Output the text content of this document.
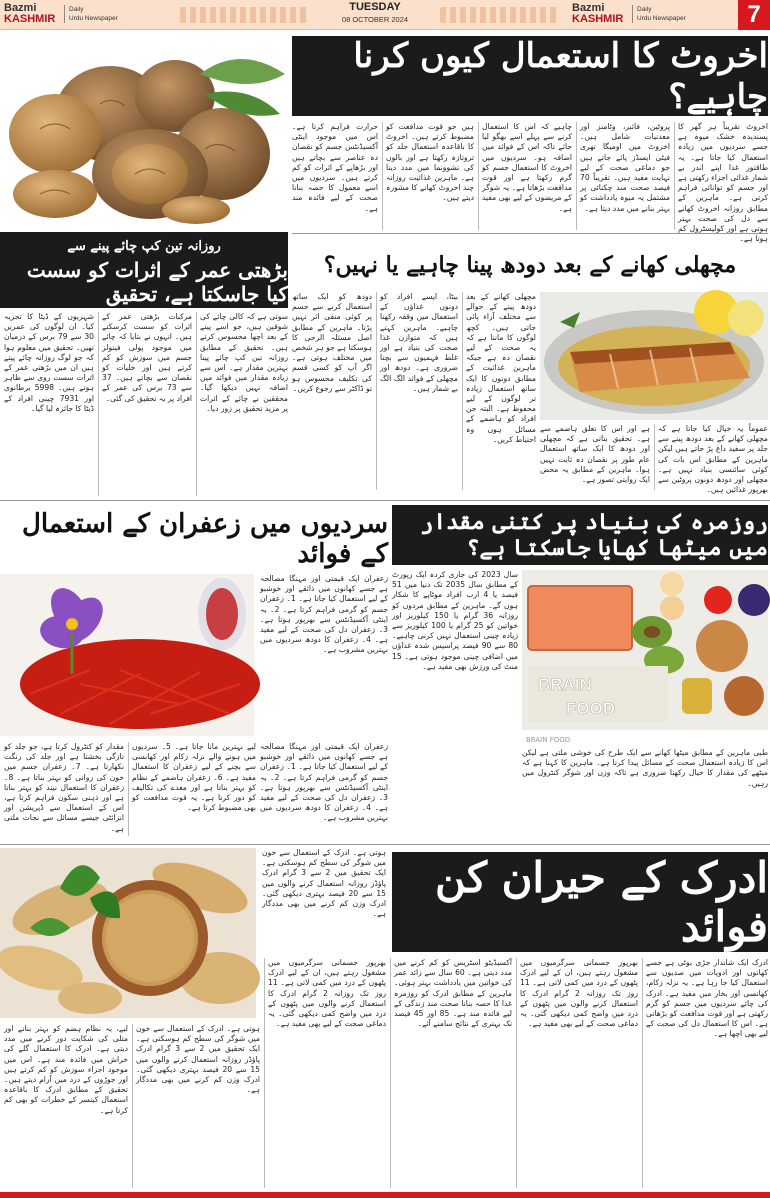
Bazmi
KASHMIR
Daily
Urdu Newspaper
TUESDAY
08 OCTOBER 2024
Bazmi
KASHMIR
Daily
Urdu Newspaper	7
اخروٹ کا استعمال کیوں کرنا چاہیے؟
حرارت فراہم کرتا ہے۔ اس میں موجود اینٹی آکسیڈنٹس جسم کو نقصان دہ عناصر سے بچاتے ہیں اور بڑھاپے کے اثرات کو کم کرتے ہیں۔ سردیوں میں اسے معمول کا حصہ بنانا صحت کے لیے فائدہ مند ہے۔
ہیں جو قوت مدافعت کو مضبوط کرتے ہیں۔ اخروٹ کا باقاعدہ استعمال جلد کو تروتازہ رکھتا ہے اور بالوں کی نشوونما میں مدد دیتا ہے۔ ماہرین غذائیت روزانہ چند اخروٹ کھانے کا مشورہ دیتے ہیں۔
چاہیے کہ اس کا استعمال کرنے سے پہلے اسے بھگو لیا جائے تاکہ اس کے فوائد میں اضافہ ہو۔ سردیوں میں اخروٹ کا استعمال جسم کو گرم رکھتا ہے اور قوت مدافعت بڑھاتا ہے۔ یہ شوگر کے مریضوں کے لیے بھی مفید ہے۔
پروٹین، فائبر، وٹامنز اور معدنیات شامل ہیں۔ اخروٹ میں اومیگا تھری فیٹی ایسڈز پائے جاتے ہیں جو دماغی صحت کے لیے نہایت مفید ہیں۔ تقریباً 70 فیصد صحت مند چکنائی پر مشتمل یہ میوہ یادداشت کو بہتر بنانے میں مدد دیتا ہے۔
اخروٹ تقریباً ہر گھر کا پسندیدہ خشک میوہ ہے جسے سردیوں میں زیادہ استعمال کیا جاتا ہے۔ یہ طاقتور غذا اپنے اندر بے شمار غذائی اجزاء رکھتی ہے اور جسم کو توانائی فراہم کرتی ہے۔ ماہرین کے مطابق روزانہ اخروٹ کھانے سے دل کی صحت بہتر ہوتی ہے اور کولیسٹرول کم ہوتا ہے۔
روزانہ تین کپ چائے پینے سے
بڑھتی عمر کے اثرات کو سست کیا جاسکتا ہے، تحقیق
شہریوں کے ڈیٹا کا تجزیہ کیا۔ ان لوگوں کی عمریں 30 سے 79 برس کے درمیان تھیں۔ تحقیق میں معلوم ہوا کہ جو لوگ روزانہ چائے پیتے ہیں ان میں بڑھتی عمر کے اثرات سست روی سے ظاہر ہوتے ہیں۔ 5998 برطانوی اور 7931 چینی افراد کے ڈیٹا کا جائزہ لیا گیا۔
مرکبات بڑھتی عمر کے اثرات کو سست کرسکتے ہیں۔ انہوں نے بتایا کہ چائے میں موجود پولی فینولز جسم میں سوزش کو کم کرتے ہیں اور خلیات کو نقصان سے بچاتے ہیں۔ 37 سے 73 برس کی عمر کے افراد پر یہ تحقیق کی گئی۔
سوتی ہے کہ کالی چائے کی شوقین ہیں، جو اسے پینے کے بعد اچھا محسوس کرتے ہیں۔ تحقیق کے مطابق روزانہ تین کپ چائے پینا بہترین مقدار ہے۔ اس سے زیادہ مقدار میں فوائد میں اضافہ نہیں دیکھا گیا۔ محققین نے چائے کے اثرات پر مزید تحقیق پر زور دیا۔
مچھلی کھانے کے بعد دودھ پینا چاہیے یا نہیں؟
دودھ کو ایک ساتھ استعمال کرنے سے جسم پر کوئی منفی اثر نہیں پڑتا۔ ماہرین کے مطابق اصل مسئلہ الرجی کا ہوسکتا ہے جو ہر شخص میں مختلف ہوتی ہے۔ اگر آپ کو کسی قسم کی تکلیف محسوس ہو تو ڈاکٹر سے رجوع کریں۔
بیٹا، ایسے افراد کو دونوں غذاؤں کے استعمال میں وقفہ رکھنا چاہیے۔ ماہرین کہتے ہیں کہ متوازن غذا صحت کی بنیاد ہے اور غلط فہمیوں سے بچنا ضروری ہے۔ دودھ اور مچھلی کے فوائد الگ الگ بے شمار ہیں۔
مچھلی کھانے کے بعد دودھ پینے کے حوالے سے مختلف آراء پائی جاتی ہیں۔ کچھ لوگوں کا ماننا ہے کہ یہ صحت کے لیے نقصان دہ ہے جبکہ ماہرین غذائیت کے مطابق دونوں کا ایک ساتھ استعمال زیادہ تر لوگوں کے لیے محفوظ ہے۔ البتہ جن افراد کو ہاضمے کے مسائل ہوں وہ احتیاط کریں۔
ہے اور اس کا تعلق ہاضمے سے ہے۔ تحقیق بتاتی ہے کہ مچھلی اور دودھ کا ایک ساتھ استعمال عام طور پر نقصان دہ ثابت نہیں ہوا۔ ماہرین کے مطابق یہ محض ایک روایتی تصور ہے۔
عموماً یہ خیال کیا جاتا ہے کہ مچھلی کھانے کے بعد دودھ پینے سے جلد پر سفید داغ پڑ جاتے ہیں لیکن ماہرین کے مطابق اس بات کی کوئی سائنسی بنیاد نہیں ہے۔ مچھلی اور دودھ دونوں پروٹین سے بھرپور غذائیں ہیں۔
روزمرہ کی بنیاد پر کتنی مقدار میں میٹھا کھایا جاسکتا ہے؟
BRAIN
FOOD
BRAIN FOOD
سال 2023 کی جاری کردہ ایک رپورٹ کے مطابق سال 2035 تک دنیا میں 51 فیصد یا 4 ارب افراد موٹاپے کا شکار ہوں گے۔ ماہرین کے مطابق مردوں کو روزانہ 36 گرام یا 150 کیلوریز اور خواتین کو 25 گرام یا 100 کیلوریز سے زیادہ چینی استعمال نہیں کرنی چاہیے۔ 80 سے 90 فیصد پراسیس شدہ غذاؤں میں اضافی چینی موجود ہوتی ہے۔ 15 منٹ کی ورزش بھی مفید ہے۔
طبی ماہرین کے مطابق میٹھا کھانے سے ایک طرح کی خوشی ملتی ہے لیکن اس کا زیادہ استعمال صحت کے مسائل پیدا کرتا ہے۔ ماہرین کا کہنا ہے کہ میٹھے کی مقدار کا خیال رکھنا ضروری ہے تاکہ وزن اور شوگر کنٹرول میں رہیں۔
سردیوں میں زعفران کے استعمال کے فوائد
زعفران ایک قیمتی اور مہنگا مصالحہ ہے جسے کھانوں میں ذائقے اور خوشبو کے لیے استعمال کیا جاتا ہے۔ 1۔ زعفران جسم کو گرمی فراہم کرتا ہے۔ 2۔ یہ اینٹی آکسیڈنٹس سے بھرپور ہوتا ہے۔ 3۔ زعفران دل کی صحت کے لیے مفید ہے۔ 4۔ زعفران کا دودھ سردیوں میں بہترین مشروب ہے۔
مقدار کو کنٹرول کرتا ہے، جو جلد کو تازگی بخشتا ہے اور جلد کی رنگت نکھارتا ہے۔ 7۔ زعفران جسم میں خون کی روانی کو بہتر بناتا ہے۔ 8۔ زعفران کا استعمال نیند کو بہتر بناتا ہے اور ذہنی سکون فراہم کرتا ہے، اس کے استعمال سے ڈپریشن اور انزائٹی جیسے مسائل سے نجات ملتی ہے۔
لیے بہترین مانا جاتا ہے۔ 5۔ سردیوں میں ہونے والے نزلہ زکام اور کھانسی سے بچنے کے لیے زعفران کا استعمال مفید ہے۔ 6۔ زعفران ہاضمے کے نظام کو بہتر بناتا ہے اور معدے کی تکالیف کو دور کرتا ہے۔ یہ قوت مدافعت کو بھی مضبوط کرتا ہے۔
زعفران ایک قیمتی اور مہنگا مصالحہ ہے جسے کھانوں میں ذائقے اور خوشبو کے لیے استعمال کیا جاتا ہے۔ 1۔ زعفران جسم کو گرمی فراہم کرتا ہے۔ 2۔ یہ اینٹی آکسیڈنٹس سے بھرپور ہوتا ہے۔ 3۔ زعفران دل کی صحت کے لیے مفید ہے۔ 4۔ زعفران کا دودھ سردیوں میں بہترین مشروب ہے۔
ادرک کے حیران کن فوائد
ہوتی ہے۔ ادرک کے استعمال سے خون میں شوگر کی سطح کم ہوسکتی ہے۔ ایک تحقیق میں 2 سے 3 گرام ادرک پاؤڈر روزانہ استعمال کرنے والوں میں 15 سے 20 فیصد بہتری دیکھی گئی۔ ادرک وزن کم کرنے میں بھی مددگار ہے۔
لیے، یہ نظام ہضم کو بہتر بنانے اور متلی کی شکایت دور کرنے میں مدد دیتی ہے۔ ادرک کا استعمال گلے کی خراش میں فائدہ مند ہے۔ اس میں موجود اجزاء سوزش کو کم کرتے ہیں اور جوڑوں کے درد میں آرام دیتے ہیں۔ تحقیق کے مطابق ادرک کا باقاعدہ استعمال کینسر کے خطرات کو بھی کم کرتا ہے۔
ہوتی ہے۔ ادرک کے استعمال سے خون میں شوگر کی سطح کم ہوسکتی ہے۔ ایک تحقیق میں 2 سے 3 گرام ادرک پاؤڈر روزانہ استعمال کرنے والوں میں 15 سے 20 فیصد بہتری دیکھی گئی۔ ادرک وزن کم کرنے میں بھی مددگار ہے۔
بھرپور جسمانی سرگرمیوں میں مشغول رہتے ہیں، ان کے لیے ادرک پٹھوں کے درد میں کمی لاتی ہے۔ 11 روز تک روزانہ 2 گرام ادرک کا استعمال کرنے والوں میں پٹھوں کے درد میں واضح کمی دیکھی گئی۔ یہ دماغی صحت کے لیے بھی مفید ہے۔
آکسیڈیٹو اسٹریس کو کم کرنے میں مدد دیتی ہے۔ 60 سال سے زائد عمر کی خواتین میں یادداشت بہتر ہوئی۔ ماہرین کے مطابق ادرک کو روزمرہ غذا کا حصہ بنانا صحت مند زندگی کے لیے فائدہ مند ہے۔ 85 اور 45 فیصد تک بہتری کے نتائج سامنے آئے۔
بھرپور جسمانی سرگرمیوں میں مشغول رہتے ہیں، ان کے لیے ادرک پٹھوں کے درد میں کمی لاتی ہے۔ 11 روز تک روزانہ 2 گرام ادرک کا استعمال کرنے والوں میں پٹھوں کے درد میں واضح کمی دیکھی گئی۔ یہ دماغی صحت کے لیے بھی مفید ہے۔
ادرک ایک شاندار جڑی بوٹی ہے جسے کھانوں اور ادویات میں صدیوں سے استعمال کیا جا رہا ہے۔ یہ نزلہ زکام، کھانسی اور بخار میں مفید ہے۔ ادرک کی چائے سردیوں میں جسم کو گرم رکھتی ہے اور قوت مدافعت کو بڑھاتی ہے۔ اس کا استعمال دل کی صحت کے لیے بھی اچھا ہے۔
